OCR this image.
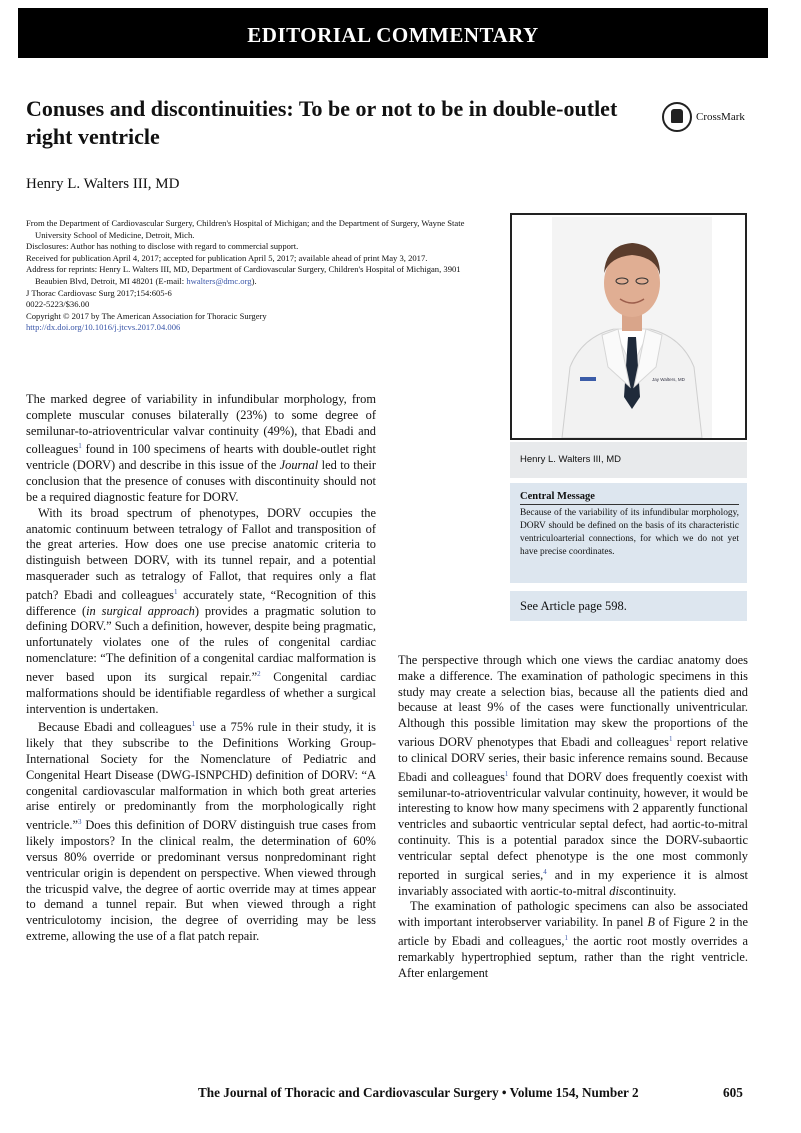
EDITORIAL COMMENTARY
Conuses and discontinuities: To be or not to be in double-outlet right ventricle
CrossMark
Henry L. Walters III, MD

From the Department of Cardiovascular Surgery, Children's Hospital of Michigan; and the Department of Surgery, Wayne State University School of Medicine, Detroit, Mich.

Disclosures: Author has nothing to disclose with regard to commercial support.

Received for publication April 4, 2017; accepted for publication April 5, 2017; available ahead of print May 3, 2017.

Address for reprints: Henry L. Walters III, MD, Department of Cardiovascular Surgery, Children's Hospital of Michigan, 3901 Beaubien Blvd, Detroit, MI 48201 (E-mail: hwalters@dmc.org).

J Thorac Cardiovasc Surg 2017;154:605-6

0022-5223/$36.00

Copyright © 2017 by The American Association for Thoracic Surgery

http://dx.doi.org/10.1016/j.jtcvs.2017.04.006

Jay Walters, MD
Henry L. Walters III, MD
Central Message
Because of the variability of its infundibular morphology, DORV should be defined on the basis of its characteristic ventriculoarterial connections, for which we do not yet have precise coordinates.
See Article page 598.

The marked degree of variability in infundibular morphology, from complete muscular conuses bilaterally (23%) to some degree of semilunar-to-atrioventricular valvar continuity (49%), that Ebadi and colleagues$^1$ found in 100 specimens of hearts with double-outlet right ventricle (DORV) and describe in this issue of the Journal led to their conclusion that the presence of conuses with discontinuity should not be a required diagnostic feature for DORV.

With its broad spectrum of phenotypes, DORV occupies the anatomic continuum between tetralogy of Fallot and transposition of the great arteries. How does one use precise anatomic criteria to distinguish between DORV, with its tunnel repair, and a potential masquerader such as tetralogy of Fallot, that requires only a flat patch? Ebadi and colleagues$^1$ accurately state, “Recognition of this difference (in surgical approach) provides a pragmatic solution to defining DORV.” Such a definition, however, despite being pragmatic, unfortunately violates one of the rules of congenital cardiac nomenclature: “The definition of a congenital cardiac malformation is never based upon its surgical repair.”$^2$ Congenital cardiac malformations should be identifiable regardless of whether a surgical intervention is undertaken.

Because Ebadi and colleagues$^1$ use a 75% rule in their study, it is likely that they subscribe to the Definitions Working Group-International Society for the Nomenclature of Pediatric and Congenital Heart Disease (DWG-ISNPCHD) definition of DORV: “A congenital cardiovascular malformation in which both great arteries arise entirely or predominantly from the morphologically right ventricle.”$^3$ Does this definition of DORV distinguish true cases from likely impostors? In the clinical realm, the determination of 60% versus 80% override or predominant versus nonpredominant right ventricular origin is dependent on perspective. When viewed through the tricuspid valve, the degree of aortic override may at times appear to demand a tunnel repair. But when viewed through a right ventriculotomy incision, the degree of overriding may be less extreme, allowing the use of a flat patch repair.

The perspective through which one views the cardiac anatomy does make a difference. The examination of pathologic specimens in this study may create a selection bias, because all the patients died and because at least 9% of the cases were functionally univentricular. Although this possible limitation may skew the proportions of the various DORV phenotypes that Ebadi and colleagues$^1$ report relative to clinical DORV series, their basic inference remains sound. Because Ebadi and colleagues$^1$ found that DORV does frequently coexist with semilunar-to-atrioventricular valvular continuity, however, it would be interesting to know how many specimens with 2 apparently functional ventricles and subaortic ventricular septal defect, had aortic-to-mitral continuity. This is a potential paradox since the DORV-subaortic ventricular septal defect phenotype is the one most commonly reported in surgical series,$^4$ and in my experience it is almost invariably associated with aortic-to-mitral discontinuity.

The examination of pathologic specimens can also be associated with important interobserver variability. In panel B of Figure 2 in the article by Ebadi and colleagues,$^1$ the aortic root mostly overrides a remarkably hypertrophied septum, rather than the right ventricle. After enlargement

The Journal of Thoracic and Cardiovascular Surgery • Volume 154, Number 2	605
